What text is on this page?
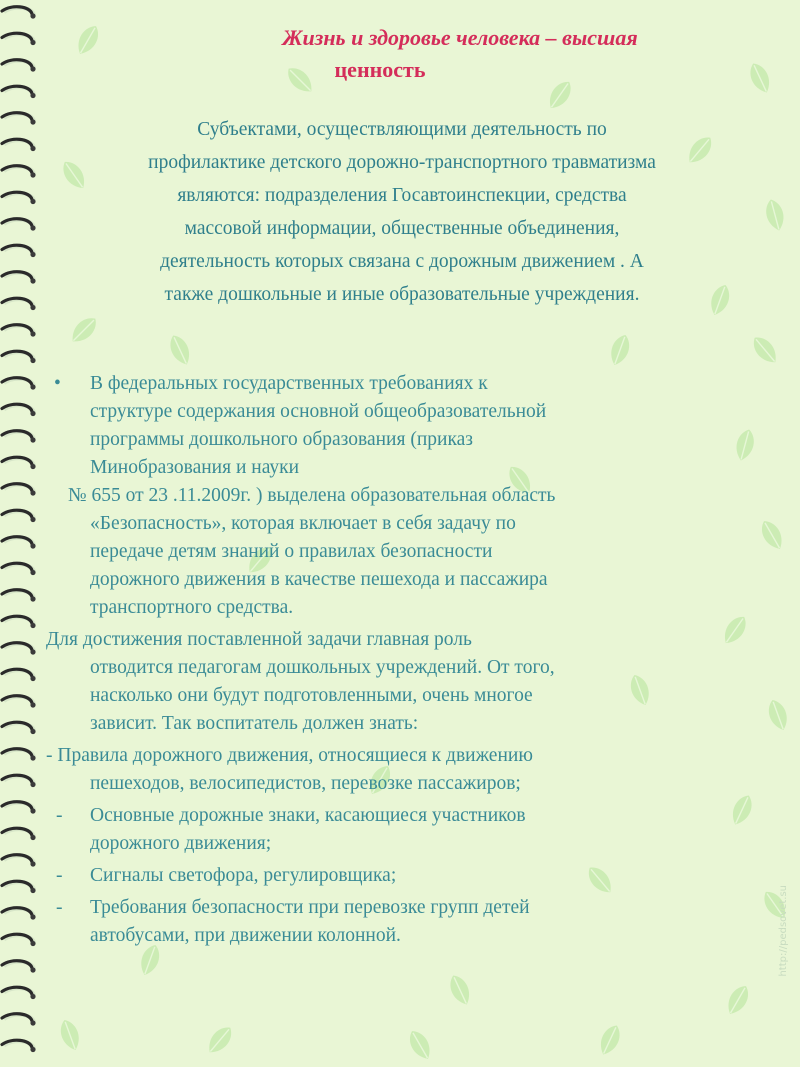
Жизнь и здоровье человека – высшая
ценность
Субъектами, осуществляющими деятельность по
профилактике детского дорожно-транспортного травматизма
являются: подразделения Госавтоинспекции, средства
массовой информации, общественные объединения,
деятельность которых связана с дорожным движением . А
также дошкольные и иные образовательные учреждения.
• В федеральных государственных требованиях к
структуре содержания основной общеобразовательной
программы дошкольного образования (приказ
Минобразования и науки
№ 655 от 23 .11.2009г. ) выделена образовательная область
«Безопасность», которая включает в себя задачу по
передаче детям знаний о правилах безопасности
дорожного движения в качестве пешехода и пассажира
транспортного средства.
Для достижения поставленной задачи главная роль
отводится педагогам дошкольных учреждений. От того,
насколько они будут подготовленными, очень многое
зависит. Так воспитатель должен знать:
- Правила дорожного движения, относящиеся к движению
пешеходов, велосипедистов, перевозке пассажиров;
- Основные дорожные знаки, касающиеся участников
дорожного движения;
- Сигналы светофора, регулировщика;
- Требования безопасности при перевозке групп детей
автобусами, при движении колонной.	http://pedsovet.su
